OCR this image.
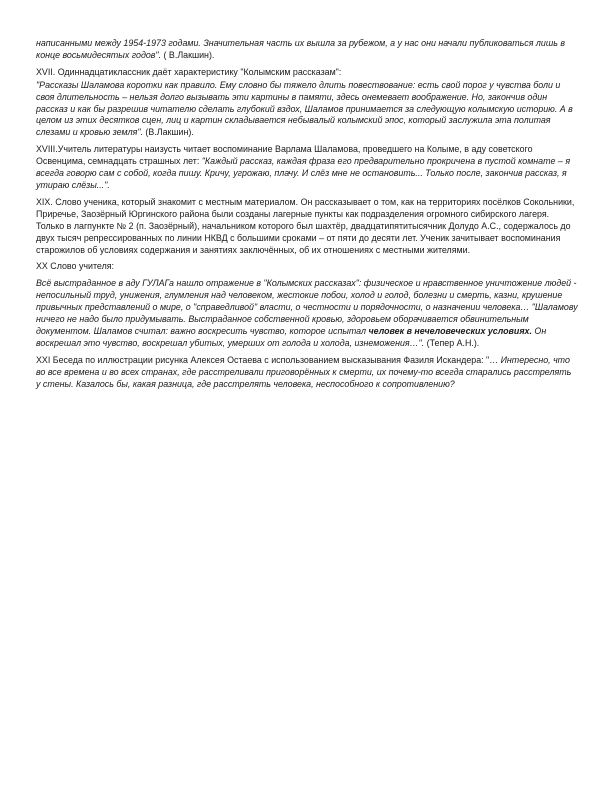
написанными между 1954-1973 годами. Значительная часть их вышла за рубежом, а у нас они начали публиковаться лишь в конце восьмидесятых годов". ( В.Лакшин).

XVII. Одиннадцатиклассник даёт характеристику "Колымским рассказам":

"Рассказы Шаламова коротки как правило. Ему словно бы тяжело длить повествование: есть свой порог у чувства боли и своя длительность – нельзя долго вызывать эти картины в памяти, здесь онемевает воображение. Но, закончив один рассказ и как бы разрешив читателю сделать глубокий вздох, Шаламов принимается за следующую колымскую историю. А в целом из этих десятков сцен, лиц и картин складывается небывалый колымский эпос, который заслужила эта политая слезами и кровью земля". (В.Лакшин).

XVIII.Учитель литературы наизусть читает воспоминание Варлама Шаламова, проведшего на Колыме, в аду советского Освенцима, семнадцать страшных лет: "Каждый рассказ, каждая фраза его предварительно прокричена в пустой комнате – я всегда говорю сам с собой, когда пишу. Кричу, угрожаю, плачу. И слёз мне не остановить... Только после, закончив рассказ, я утираю слёзы...".

XIX. Слово ученика, который знакомит с местным материалом. Он рассказывает о том, как на территориях посёлков Сокольники, Приречье, Заозёрный Юргинского района были созданы лагерные пункты как подразделения огромного сибирского лагеря. Только в лагпункте № 2 (п. Заозёрный), начальником которого был шахтёр, двадцатипятитысячник Долудо А.С., содержалось до двух тысяч репрессированных по линии НКВД с большими сроками – от пяти до десяти лет. Ученик зачитывает воспоминания старожилов об условиях содержания и занятиях заключённых, об их отношениях с местными жителями.

XX Слово учителя:

Всё выстраданное в аду ГУЛАГа нашло отражение в "Колымских рассказах": физическое и нравственное уничтожение людей - непосильный труд, унижения, глумления над человеком, жестокие побои, холод и голод, болезни и смерть, казни, крушение привычных представлений о мире, о "справедливой" власти, о честности и порядочности, о назначении человека… "Шаламову ничего не надо было придумывать. Выстраданное собственной кровью, здоровьем оборачивается обвинительным документом. Шаламов считал: важно воскресить чувство, которое испытал человек в нечеловеческих условиях. Он воскрешал это чувство, воскрешал убитых, умерших от голода и холода, изнеможения…". (Тепер А.Н.).

XXI Беседа по иллюстрации рисунка Алексея Остаева с использованием высказывания Фазиля Искандера: "… Интересно, что во все времена и во всех странах, где расстреливали приговорённых к смерти, их почему-то всегда старались расстрелять у стены. Казалось бы, какая разница, где расстрелять человека, неспособного к сопротивлению?
